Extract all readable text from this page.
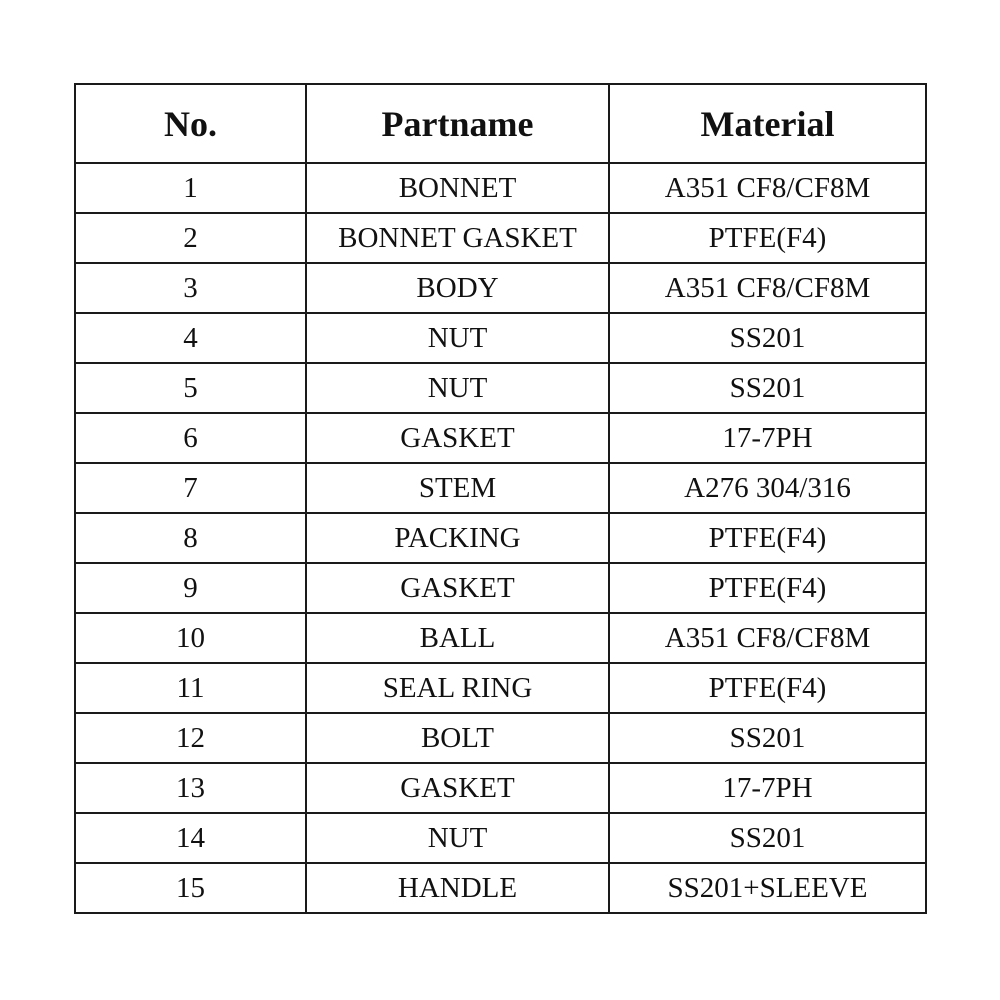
No.	Partname	Material
1	BONNET	A351 CF8/CF8M
2	BONNET GASKET	PTFE(F4)
3	BODY	A351 CF8/CF8M
4	NUT	SS201
5	NUT	SS201
6	GASKET	17-7PH
7	STEM	A276 304/316
8	PACKING	PTFE(F4)
9	GASKET	PTFE(F4)
10	BALL	A351 CF8/CF8M
11	SEAL RING	PTFE(F4)
12	BOLT	SS201
13	GASKET	17-7PH
14	NUT	SS201
15	HANDLE	SS201+SLEEVE
